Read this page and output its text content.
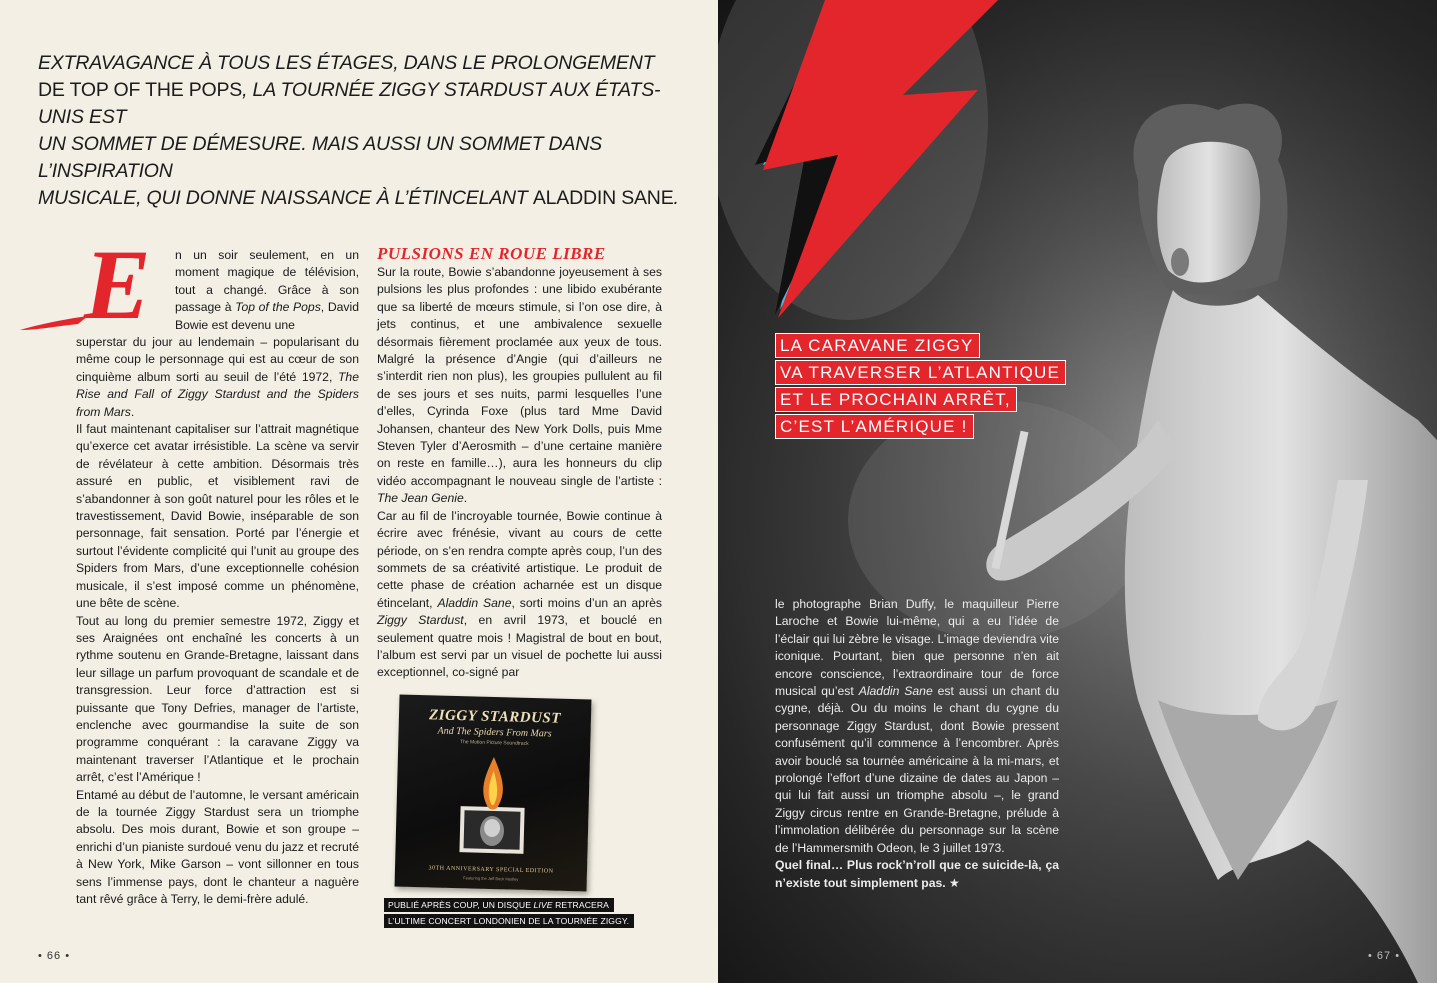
EXTRAVAGANCE À TOUS LES ÉTAGES, DANS LE PROLONGEMENT
DE TOP OF THE POPS, LA TOURNÉE ZIGGY STARDUST AUX ÉTATS-UNIS EST
UN SOMMET DE DÉMESURE. MAIS AUSSI UN SOMMET DANS L’INSPIRATION
MUSICALE, QUI DONNE NAISSANCE À L’ÉTINCELANT ALADDIN SANE.
E n un soir seulement, en un moment magique de télévision, tout a changé. Grâce à son passage à Top of the Pops, David Bowie est devenu une

superstar du jour au lendemain – popularisant du même coup le personnage qui est au cœur de son cinquième album sorti au seuil de l’été 1972, The Rise and Fall of Ziggy Stardust and the Spiders from Mars.

Il faut maintenant capitaliser sur l’attrait magnétique qu’exerce cet avatar irrésistible. La scène va servir de révélateur à cette ambition. Désormais très assuré en public, et visiblement ravi de s’abandonner à son goût naturel pour les rôles et le travestissement, David Bowie, inséparable de son personnage, fait sensation. Porté par l’énergie et surtout l’évidente complicité qui l’unit au groupe des Spiders from Mars, d’une exceptionnelle cohésion musicale, il s’est imposé comme un phénomène, une bête de scène.

Tout au long du premier semestre 1972, Ziggy et ses Araignées ont enchaîné les concerts à un rythme soutenu en Grande-Bretagne, laissant dans leur sillage un parfum provoquant de scandale et de transgression. Leur force d’attraction est si puissante que Tony Defries, manager de l’artiste, enclenche avec gourmandise la suite de son programme conquérant : la caravane Ziggy va maintenant traverser l’Atlantique et le prochain arrêt, c’est l’Amérique !

Entamé au début de l’automne, le versant américain de la tournée Ziggy Stardust sera un triomphe absolu. Des mois durant, Bowie et son groupe – enrichi d’un pianiste surdoué venu du jazz et recruté à New York, Mike Garson – vont sillonner en tous sens l’immense pays, dont le chanteur a naguère tant rêvé grâce à Terry, le demi-frère adulé.

PULSIONS EN ROUE LIBRE

Sur la route, Bowie s’abandonne joyeusement à ses pulsions les plus profondes : une libido exubérante que sa liberté de mœurs stimule, si l’on ose dire, à jets continus, et une ambivalence sexuelle désormais fièrement proclamée aux yeux de tous. Malgré la présence d’Angie (qui d’ailleurs ne s’interdit rien non plus), les groupies pullulent au fil de ses jours et ses nuits, parmi lesquelles l’une d’elles, Cyrinda Foxe (plus tard Mme David Johansen, chanteur des New York Dolls, puis Mme Steven Tyler d’Aerosmith – d’une certaine manière on reste en famille…), aura les honneurs du clip vidéo accompagnant le nouveau single de l’artiste : The Jean Genie.

Car au fil de l’incroyable tournée, Bowie continue à écrire avec frénésie, vivant au cours de cette période, on s’en rendra compte après coup, l’un des sommets de sa créativité artistique. Le produit de cette phase de création acharnée est un disque étincelant, Aladdin Sane, sorti moins d’un an après Ziggy Stardust, en avril 1973, et bouclé en seulement quatre mois ! Magistral de bout en bout, l’album est servi par un visuel de pochette lui aussi exceptionnel, co-signé par

ZIGGY STARDUST
And The Spiders From Mars
The Motion Picture Soundtrack
30TH ANNIVERSARY SPECIAL EDITION
Featuring the Jeff Beck Medley
PUBLIÉ APRÈS COUP, UN DISQUE LIVE RETRACERA
L’ULTIME CONCERT LONDONIEN DE LA TOURNÉE ZIGGY.
• 66 •	• 67 •
LA CARAVANE ZIGGY
VA TRAVERSER L’ATLANTIQUE
ET LE PROCHAIN ARRÊT,
C’EST L’AMÉRIQUE !

le photographe Brian Duffy, le maquilleur Pierre Laroche et Bowie lui-même, qui a eu l’idée de l’éclair qui lui zèbre le visage. L’image deviendra vite iconique. Pourtant, bien que personne n’en ait encore conscience, l’extraordinaire tour de force musical qu’est Aladdin Sane est aussi un chant du cygne, déjà. Ou du moins le chant du cygne du personnage Ziggy Stardust, dont Bowie pressent confusément qu’il commence à l’encombrer. Après avoir bouclé sa tournée américaine à la mi-mars, et prolongé l’effort d’une dizaine de dates au Japon – qui lui fait aussi un triomphe absolu –, le grand Ziggy circus rentre en Grande-Bretagne, prélude à l’immolation délibérée du personnage sur la scène de l’Hammersmith Odeon, le 3 juillet 1973.
Quel final… Plus rock’n’roll que ce suicide-là, ça n’existe tout simplement pas. ★
